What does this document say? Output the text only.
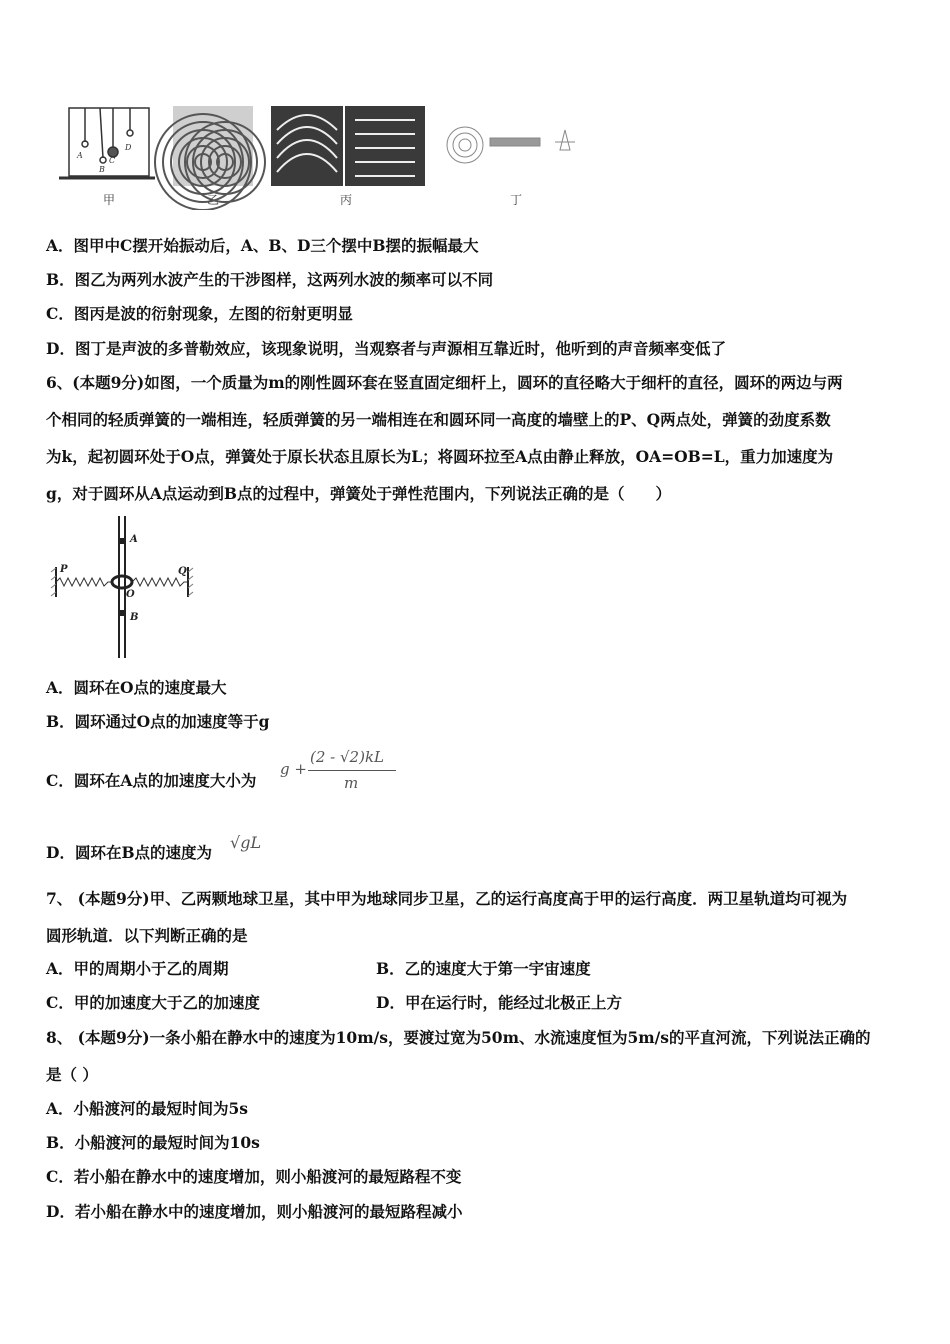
A
B
C
D
甲	乙	丙	丁
A．图甲中C摆开始振动后，A、B、D三个摆中B摆的振幅最大
B．图乙为两列水波产生的干涉图样，这两列水波的频率可以不同
C．图丙是波的衍射现象，左图的衍射更明显
D．图丁是声波的多普勒效应，该现象说明，当观察者与声源相互靠近时，他听到的声音频率变低了
6、(本题9分)如图，一个质量为m的刚性圆环套在竖直固定细杆上，圆环的直径略大于细杆的直径，圆环的两边与两
个相同的轻质弹簧的一端相连，轻质弹簧的另一端相连在和圆环同一高度的墙壁上的P、Q两点处，弹簧的劲度系数
为k，起初圆环处于O点，弹簧处于原长状态且原长为L；将圆环拉至A点由静止释放，OA=OB=L，重力加速度为
g，对于圆环从A点运动到B点的过程中，弹簧处于弹性范围内，下列说法正确的是（　　）
A
B
O
P	Q
A．圆环在O点的速度最大
B．圆环通过O点的加速度等于g
C．圆环在A点的加速度大小为
g +
(2 - √2)kL
m
D．圆环在B点的速度为
√gL
7、 (本题9分)甲、乙两颗地球卫星，其中甲为地球同步卫星，乙的运行高度高于甲的运行高度．两卫星轨道均可视为
圆形轨道．以下判断正确的是
A．甲的周期小于乙的周期	B．乙的速度大于第一宇宙速度
C．甲的加速度大于乙的加速度	D．甲在运行时，能经过北极正上方
8、 (本题9分)一条小船在静水中的速度为10m/s，要渡过宽为50m、水流速度恒为5m/s的平直河流，下列说法正确的
是（ ）
A．小船渡河的最短时间为5s
B．小船渡河的最短时间为10s
C．若小船在静水中的速度增加，则小船渡河的最短路程不变
D．若小船在静水中的速度增加，则小船渡河的最短路程减小
